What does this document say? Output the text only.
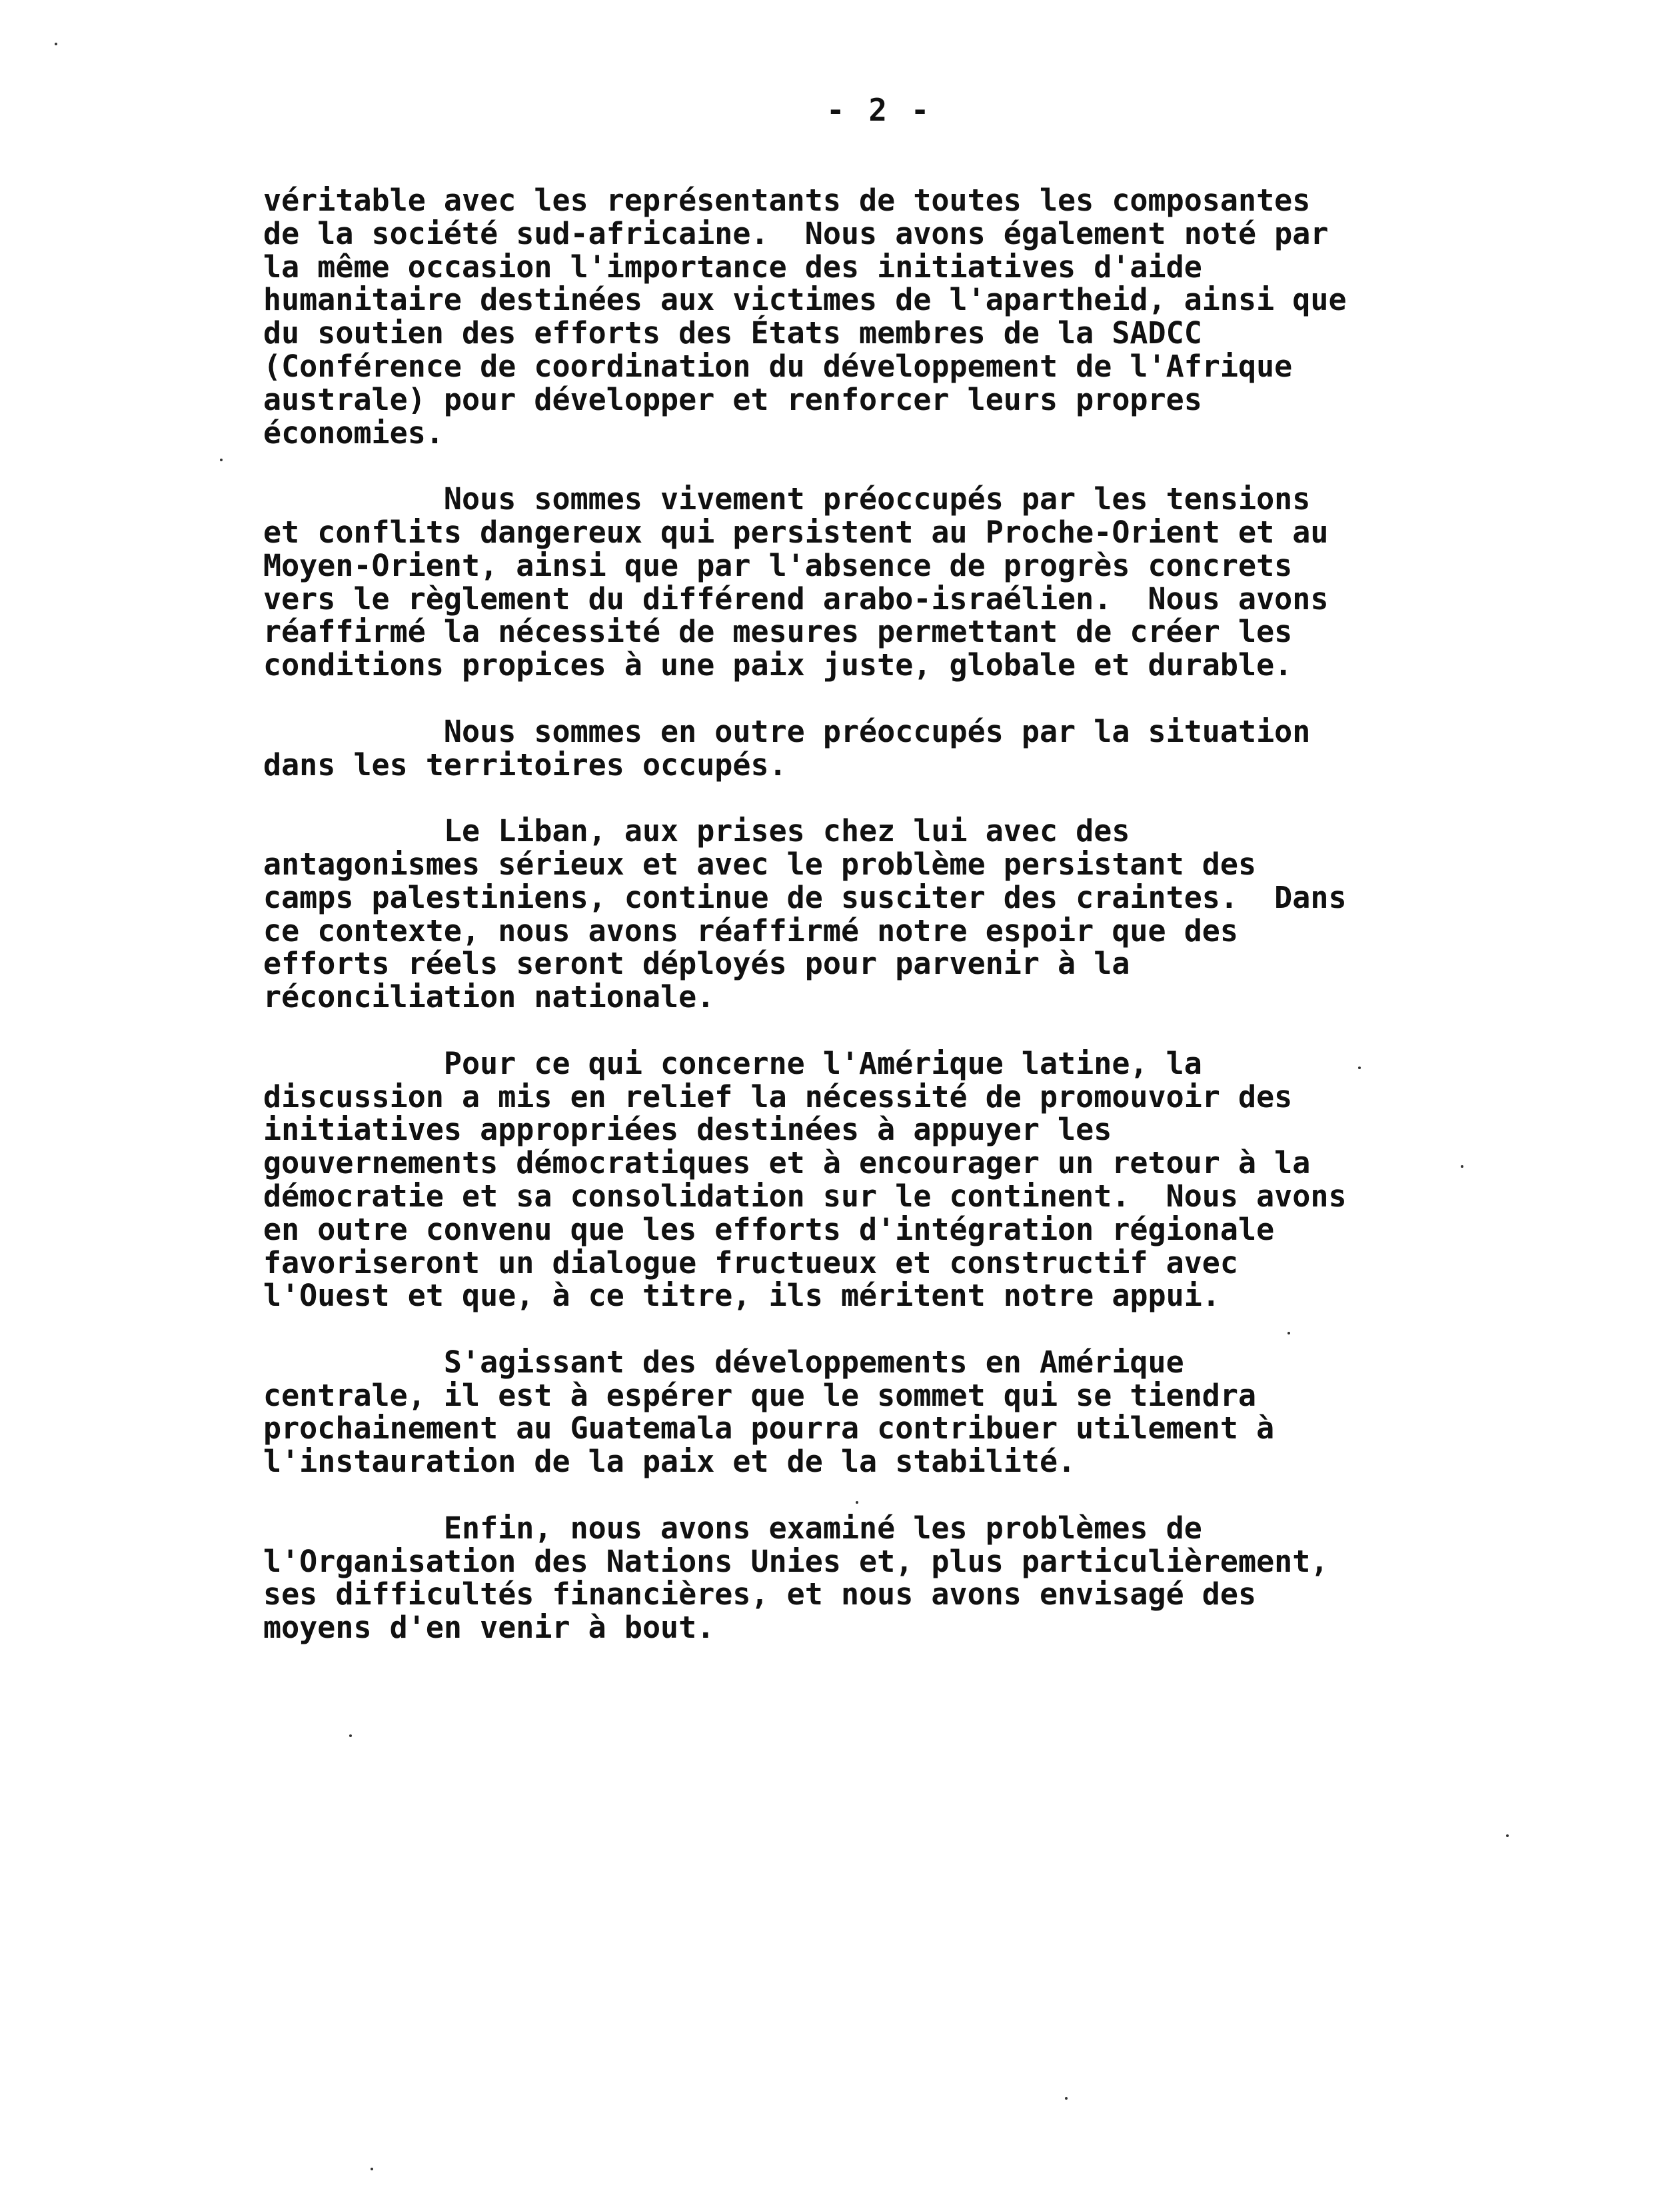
- 2 -

véritable avec les représentants de toutes les composantes
de la société sud-africaine.  Nous avons également noté par
la même occasion l'importance des initiatives d'aide
humanitaire destinées aux victimes de l'apartheid, ainsi que
du soutien des efforts des États membres de la SADCC
(Conférence de coordination du développement de l'Afrique
australe) pour développer et renforcer leurs propres
économies.

Nous sommes vivement préoccupés par les tensions
et conflits dangereux qui persistent au Proche-Orient et au
Moyen-Orient, ainsi que par l'absence de progrès concrets
vers le règlement du différend arabo-israélien.  Nous avons
réaffirmé la nécessité de mesures permettant de créer les
conditions propices à une paix juste, globale et durable.

Nous sommes en outre préoccupés par la situation
dans les territoires occupés.

Le Liban, aux prises chez lui avec des
antagonismes sérieux et avec le problème persistant des
camps palestiniens, continue de susciter des craintes.  Dans
ce contexte, nous avons réaffirmé notre espoir que des
efforts réels seront déployés pour parvenir à la
réconciliation nationale.

Pour ce qui concerne l'Amérique latine, la
discussion a mis en relief la nécessité de promouvoir des
initiatives appropriées destinées à appuyer les
gouvernements démocratiques et à encourager un retour à la
démocratie et sa consolidation sur le continent.  Nous avons
en outre convenu que les efforts d'intégration régionale
favoriseront un dialogue fructueux et constructif avec
l'Ouest et que, à ce titre, ils méritent notre appui.

S'agissant des développements en Amérique
centrale, il est à espérer que le sommet qui se tiendra
prochainement au Guatemala pourra contribuer utilement à
l'instauration de la paix et de la stabilité.

Enfin, nous avons examiné les problèmes de
l'Organisation des Nations Unies et, plus particulièrement,
ses difficultés financières, et nous avons envisagé des
moyens d'en venir à bout.
